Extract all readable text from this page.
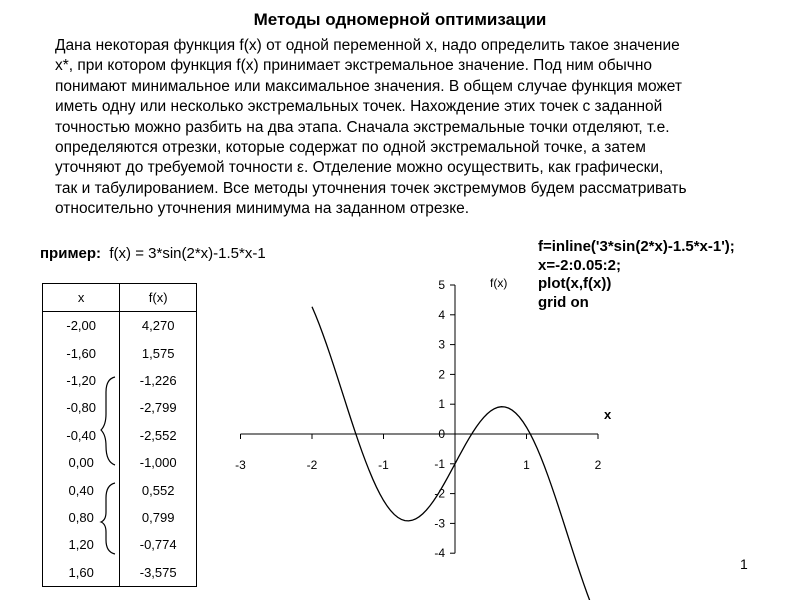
Методы одномерной оптимизации

Дана некоторая функция f(x) от одной переменной x, надо определить такое значение
x*, при котором функция f(x) принимает экстремальное значение. Под ним обычно
понимают минимальное или максимальное значения. В общем случае функция может
иметь одну или несколько экстремальных точек. Нахождение этих точек с заданной
точностью можно разбить на два этапа. Сначала экстремальные точки отделяют, т.е.
определяются отрезки, которые содержат по одной экстремальной точке, а затем
уточняют до требуемой точности ε. Отделение можно осуществить, как графически,
так и табулированием. Все методы уточнения точек экстремумов будем рассматривать
относительно уточнения минимума на заданном отрезке.

пример: f(x) = 3*sin(2*x)-1.5*x-1	f=inline('3*sin(2*x)-1.5*x-1');
x=-2:0.05:2;
plot(x,f(x))
grid on
x	f(x)
-2,00	4,270
-1,60	1,575
-1,20	-1,226
-0,80	-2,799
-0,40	-2,552
0,00	-1,000
0,40	0,552
0,80	0,799
1,20	-0,774
1,60	-3,575
-3	-2	-1	1	2
5
4
3
2
1
0
-1
-2
-3
-4
x
f(x)
1
